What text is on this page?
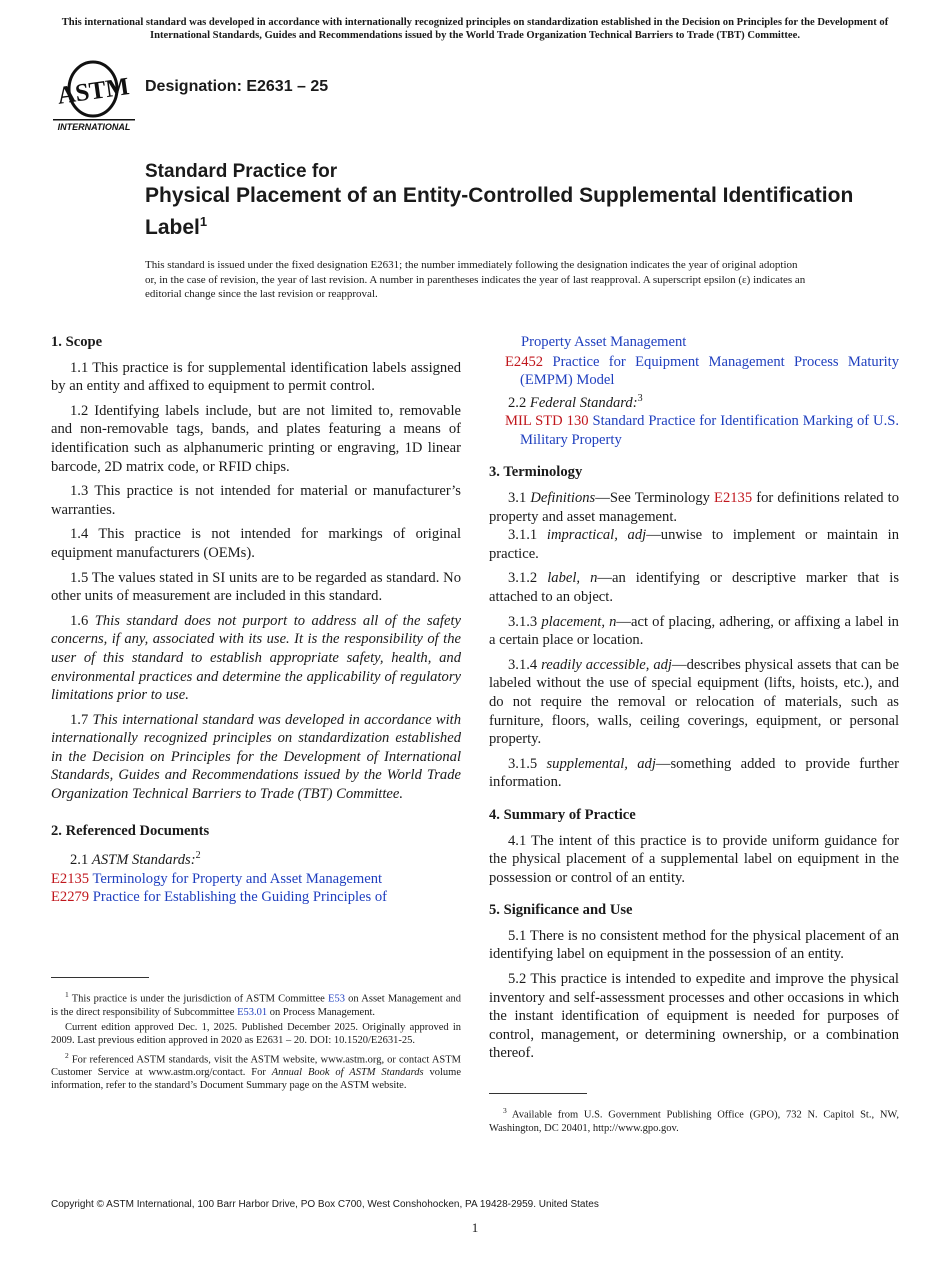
This international standard was developed in accordance with internationally recognized principles on standardization established in the Decision on Principles for the Development of International Standards, Guides and Recommendations issued by the World Trade Organization Technical Barriers to Trade (TBT) Committee.
ASTM
INTERNATIONAL
Designation: E2631 – 25
Standard Practice for
Physical Placement of an Entity-Controlled Supplemental Identification Label$^1$
This standard is issued under the fixed designation E2631; the number immediately following the designation indicates the year of original adoption or, in the case of revision, the year of last revision. A number in parentheses indicates the year of last reapproval. A superscript epsilon (ε) indicates an editorial change since the last revision or reapproval.
1. Scope

1.1 This practice is for supplemental identification labels assigned by an entity and affixed to equipment to permit control.

1.2 Identifying labels include, but are not limited to, removable and non-removable tags, bands, and plates featuring a means of identification such as alphanumeric printing or engraving, 1D linear barcode, 2D matrix code, or RFID chips.

1.3 This practice is not intended for material or manufacturer’s warranties.

1.4 This practice is not intended for markings of original equipment manufacturers (OEMs).

1.5 The values stated in SI units are to be regarded as standard. No other units of measurement are included in this standard.

1.6 This standard does not purport to address all of the safety concerns, if any, associated with its use. It is the responsibility of the user of this standard to establish appropriate safety, health, and environmental practices and determine the applicability of regulatory limitations prior to use.

1.7 This international standard was developed in accordance with internationally recognized principles on standardization established in the Decision on Principles for the Development of International Standards, Guides and Recommendations issued by the World Trade Organization Technical Barriers to Trade (TBT) Committee.

2. Referenced Documents

2.1 ASTM Standards:$^2$

E2135 Terminology for Property and Asset Management
E2279 Practice for Establishing the Guiding Principles of
Property Asset Management
E2452 Practice for Equipment Management Process Maturity (EMPM) Model

2.2 Federal Standard:$^3$

MIL STD 130 Standard Practice for Identification Marking of U.S. Military Property
3. Terminology

3.1 Definitions—See Terminology E2135 for definitions related to property and asset management.

3.1.1 impractical, adj—unwise to implement or maintain in practice.

3.1.2 label, n—an identifying or descriptive marker that is attached to an object.

3.1.3 placement, n—act of placing, adhering, or affixing a label in a certain place or location.

3.1.4 readily accessible, adj—describes physical assets that can be labeled without the use of special equipment (lifts, hoists, etc.), and do not require the removal or relocation of materials, such as furniture, floors, walls, ceiling coverings, equipment, or personal property.

3.1.5 supplemental, adj—something added to provide further information.

4. Summary of Practice

4.1 The intent of this practice is to provide uniform guidance for the physical placement of a supplemental label on equipment in the possession or control of an entity.

5. Significance and Use

5.1 There is no consistent method for the physical placement of an identifying label on equipment in the possession of an entity.

5.2 This practice is intended to expedite and improve the physical inventory and self-assessment processes and other occasions in which the instant identification of equipment is needed for purposes of control, management, or determining ownership, or a combination thereof.

$^1$ This practice is under the jurisdiction of ASTM Committee E53 on Asset Management and is the direct responsibility of Subcommittee E53.01 on Process Management.

Current edition approved Dec. 1, 2025. Published December 2025. Originally approved in 2009. Last previous edition approved in 2020 as E2631 – 20. DOI: 10.1520/E2631-25.

$^2$ For referenced ASTM standards, visit the ASTM website, www.astm.org, or contact ASTM Customer Service at www.astm.org/contact. For Annual Book of ASTM Standards volume information, refer to the standard’s Document Summary page on the ASTM website.

$^3$ Available from U.S. Government Publishing Office (GPO), 732 N. Capitol St., NW, Washington, DC 20401, http://www.gpo.gov.

Copyright © ASTM International, 100 Barr Harbor Drive, PO Box C700, West Conshohocken, PA 19428-2959. United States
1
